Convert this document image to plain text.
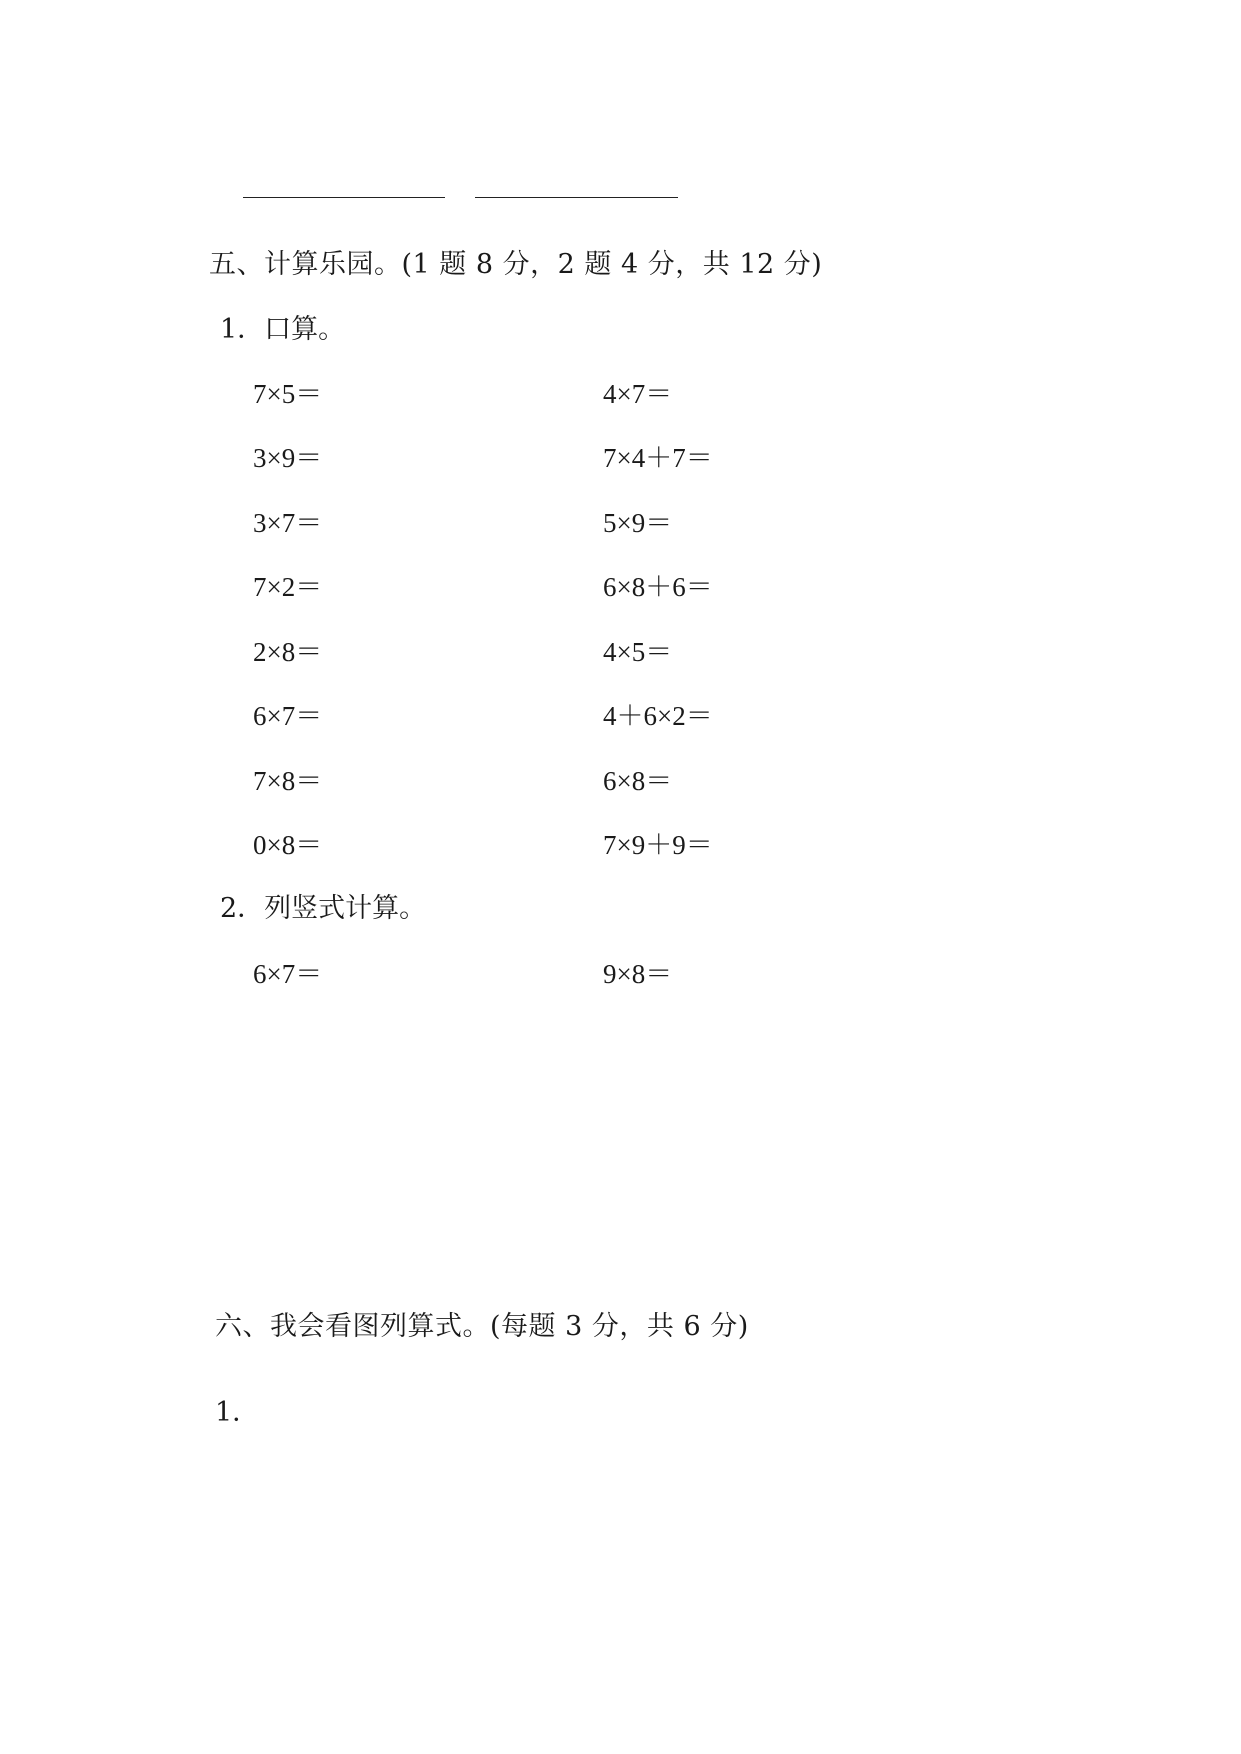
五、计算乐园。(1 题 8 分，2 题 4 分，共 12 分)
1．口算。
7×5＝	4×7＝
3×9＝	7×4＋7＝
3×7＝	5×9＝
7×2＝	6×8＋6＝
2×8＝	4×5＝
6×7＝	4＋6×2＝
7×8＝	6×8＝
0×8＝	7×9＋9＝
2．列竖式计算。
6×7＝	9×8＝
六、我会看图列算式。(每题 3 分，共 6 分)
1．
